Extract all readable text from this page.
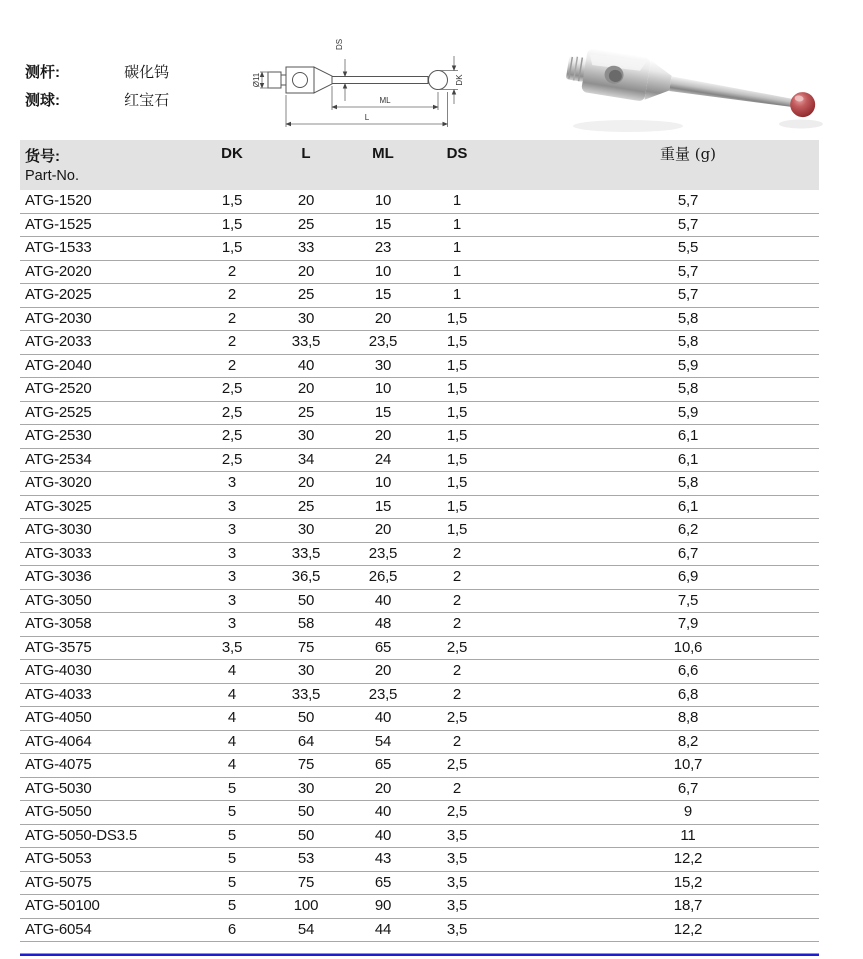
测杆:	碳化钨
测球:	红宝石
Ø11
DS
DK
ML
L
货号:
Part-No.
DK	L	ML	DS	重量 (g)
ATG-1520	1,5	20	10	1	5,7
ATG-1525	1,5	25	15	1	5,7
ATG-1533	1,5	33	23	1	5,5
ATG-2020	2	20	10	1	5,7
ATG-2025	2	25	15	1	5,7
ATG-2030	2	30	20	1,5	5,8
ATG-2033	2	33,5	23,5	1,5	5,8
ATG-2040	2	40	30	1,5	5,9
ATG-2520	2,5	20	10	1,5	5,8
ATG-2525	2,5	25	15	1,5	5,9
ATG-2530	2,5	30	20	1,5	6,1
ATG-2534	2,5	34	24	1,5	6,1
ATG-3020	3	20	10	1,5	5,8
ATG-3025	3	25	15	1,5	6,1
ATG-3030	3	30	20	1,5	6,2
ATG-3033	3	33,5	23,5	2	6,7
ATG-3036	3	36,5	26,5	2	6,9
ATG-3050	3	50	40	2	7,5
ATG-3058	3	58	48	2	7,9
ATG-3575	3,5	75	65	2,5	10,6
ATG-4030	4	30	20	2	6,6
ATG-4033	4	33,5	23,5	2	6,8
ATG-4050	4	50	40	2,5	8,8
ATG-4064	4	64	54	2	8,2
ATG-4075	4	75	65	2,5	10,7
ATG-5030	5	30	20	2	6,7
ATG-5050	5	50	40	2,5	9
ATG-5050-DS3.5	5	50	40	3,5	11
ATG-5053	5	53	43	3,5	12,2
ATG-5075	5	75	65	3,5	15,2
ATG-50100	5	100	90	3,5	18,7
ATG-6054	6	54	44	3,5	12,2
